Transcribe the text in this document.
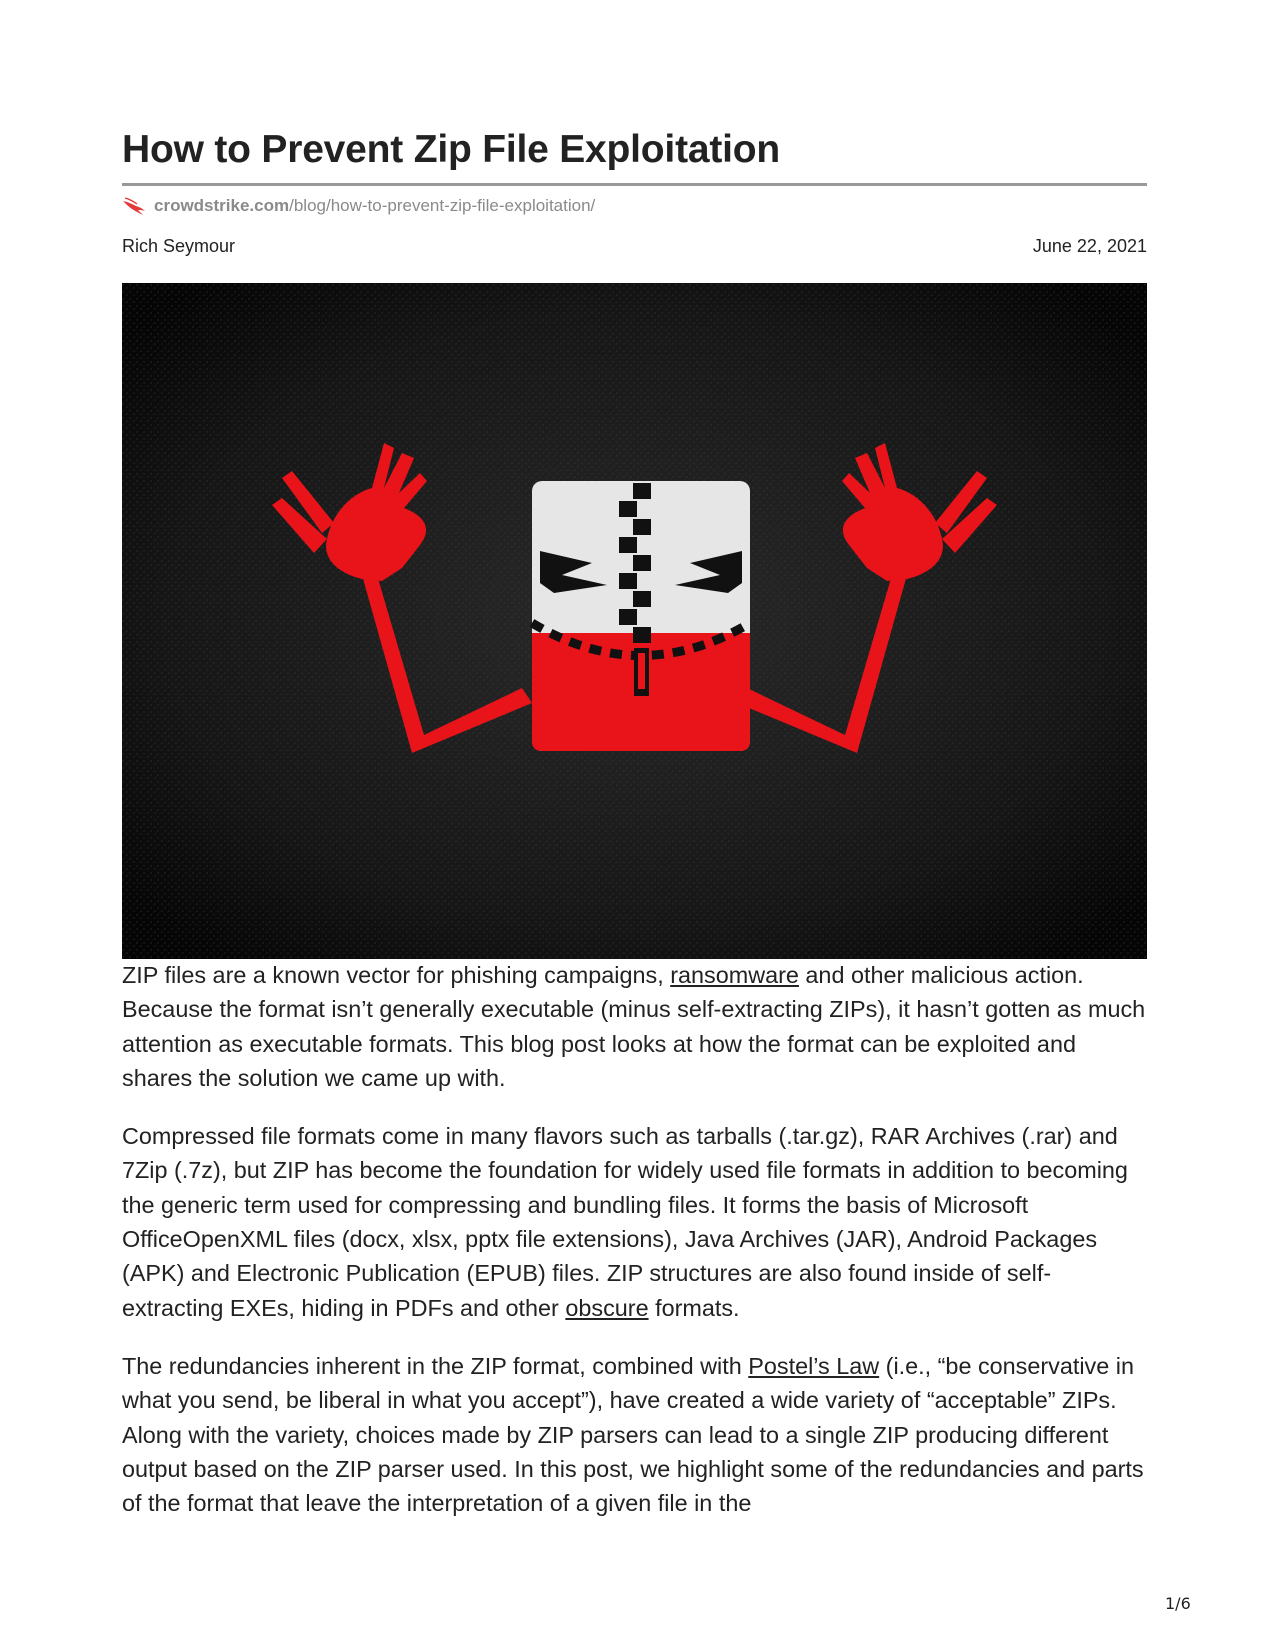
How to Prevent Zip File Exploitation
crowdstrike.com /blog/how-to-prevent-zip-file-exploitation/
Rich Seymour	June 22, 2021

ZIP files are a known vector for phishing campaigns, ransomware and other malicious action. Because the format isn’t generally executable (minus self-extracting ZIPs), it hasn’t gotten as much attention as executable formats. This blog post looks at how the format can be exploited and shares the solution we came up with.

Compressed file formats come in many flavors such as tarballs (.tar.gz), RAR Archives (.rar) and 7Zip (.7z), but ZIP has become the foundation for widely used file formats in addition to becoming the generic term used for compressing and bundling files. It forms the basis of Microsoft OfficeOpenXML files (docx, xlsx, pptx file extensions), Java Archives (JAR), Android Packages (APK) and Electronic Publication (EPUB) files. ZIP structures are also found inside of self-extracting EXEs, hiding in PDFs and other obscure formats.

The redundancies inherent in the ZIP format, combined with Postel’s Law (i.e., “be conservative in what you send, be liberal in what you accept”), have created a wide variety of “acceptable” ZIPs. Along with the variety, choices made by ZIP parsers can lead to a single ZIP producing different output based on the ZIP parser used. In this post, we highlight some of the redundancies and parts of the format that leave the interpretation of a given file in the

1/6
